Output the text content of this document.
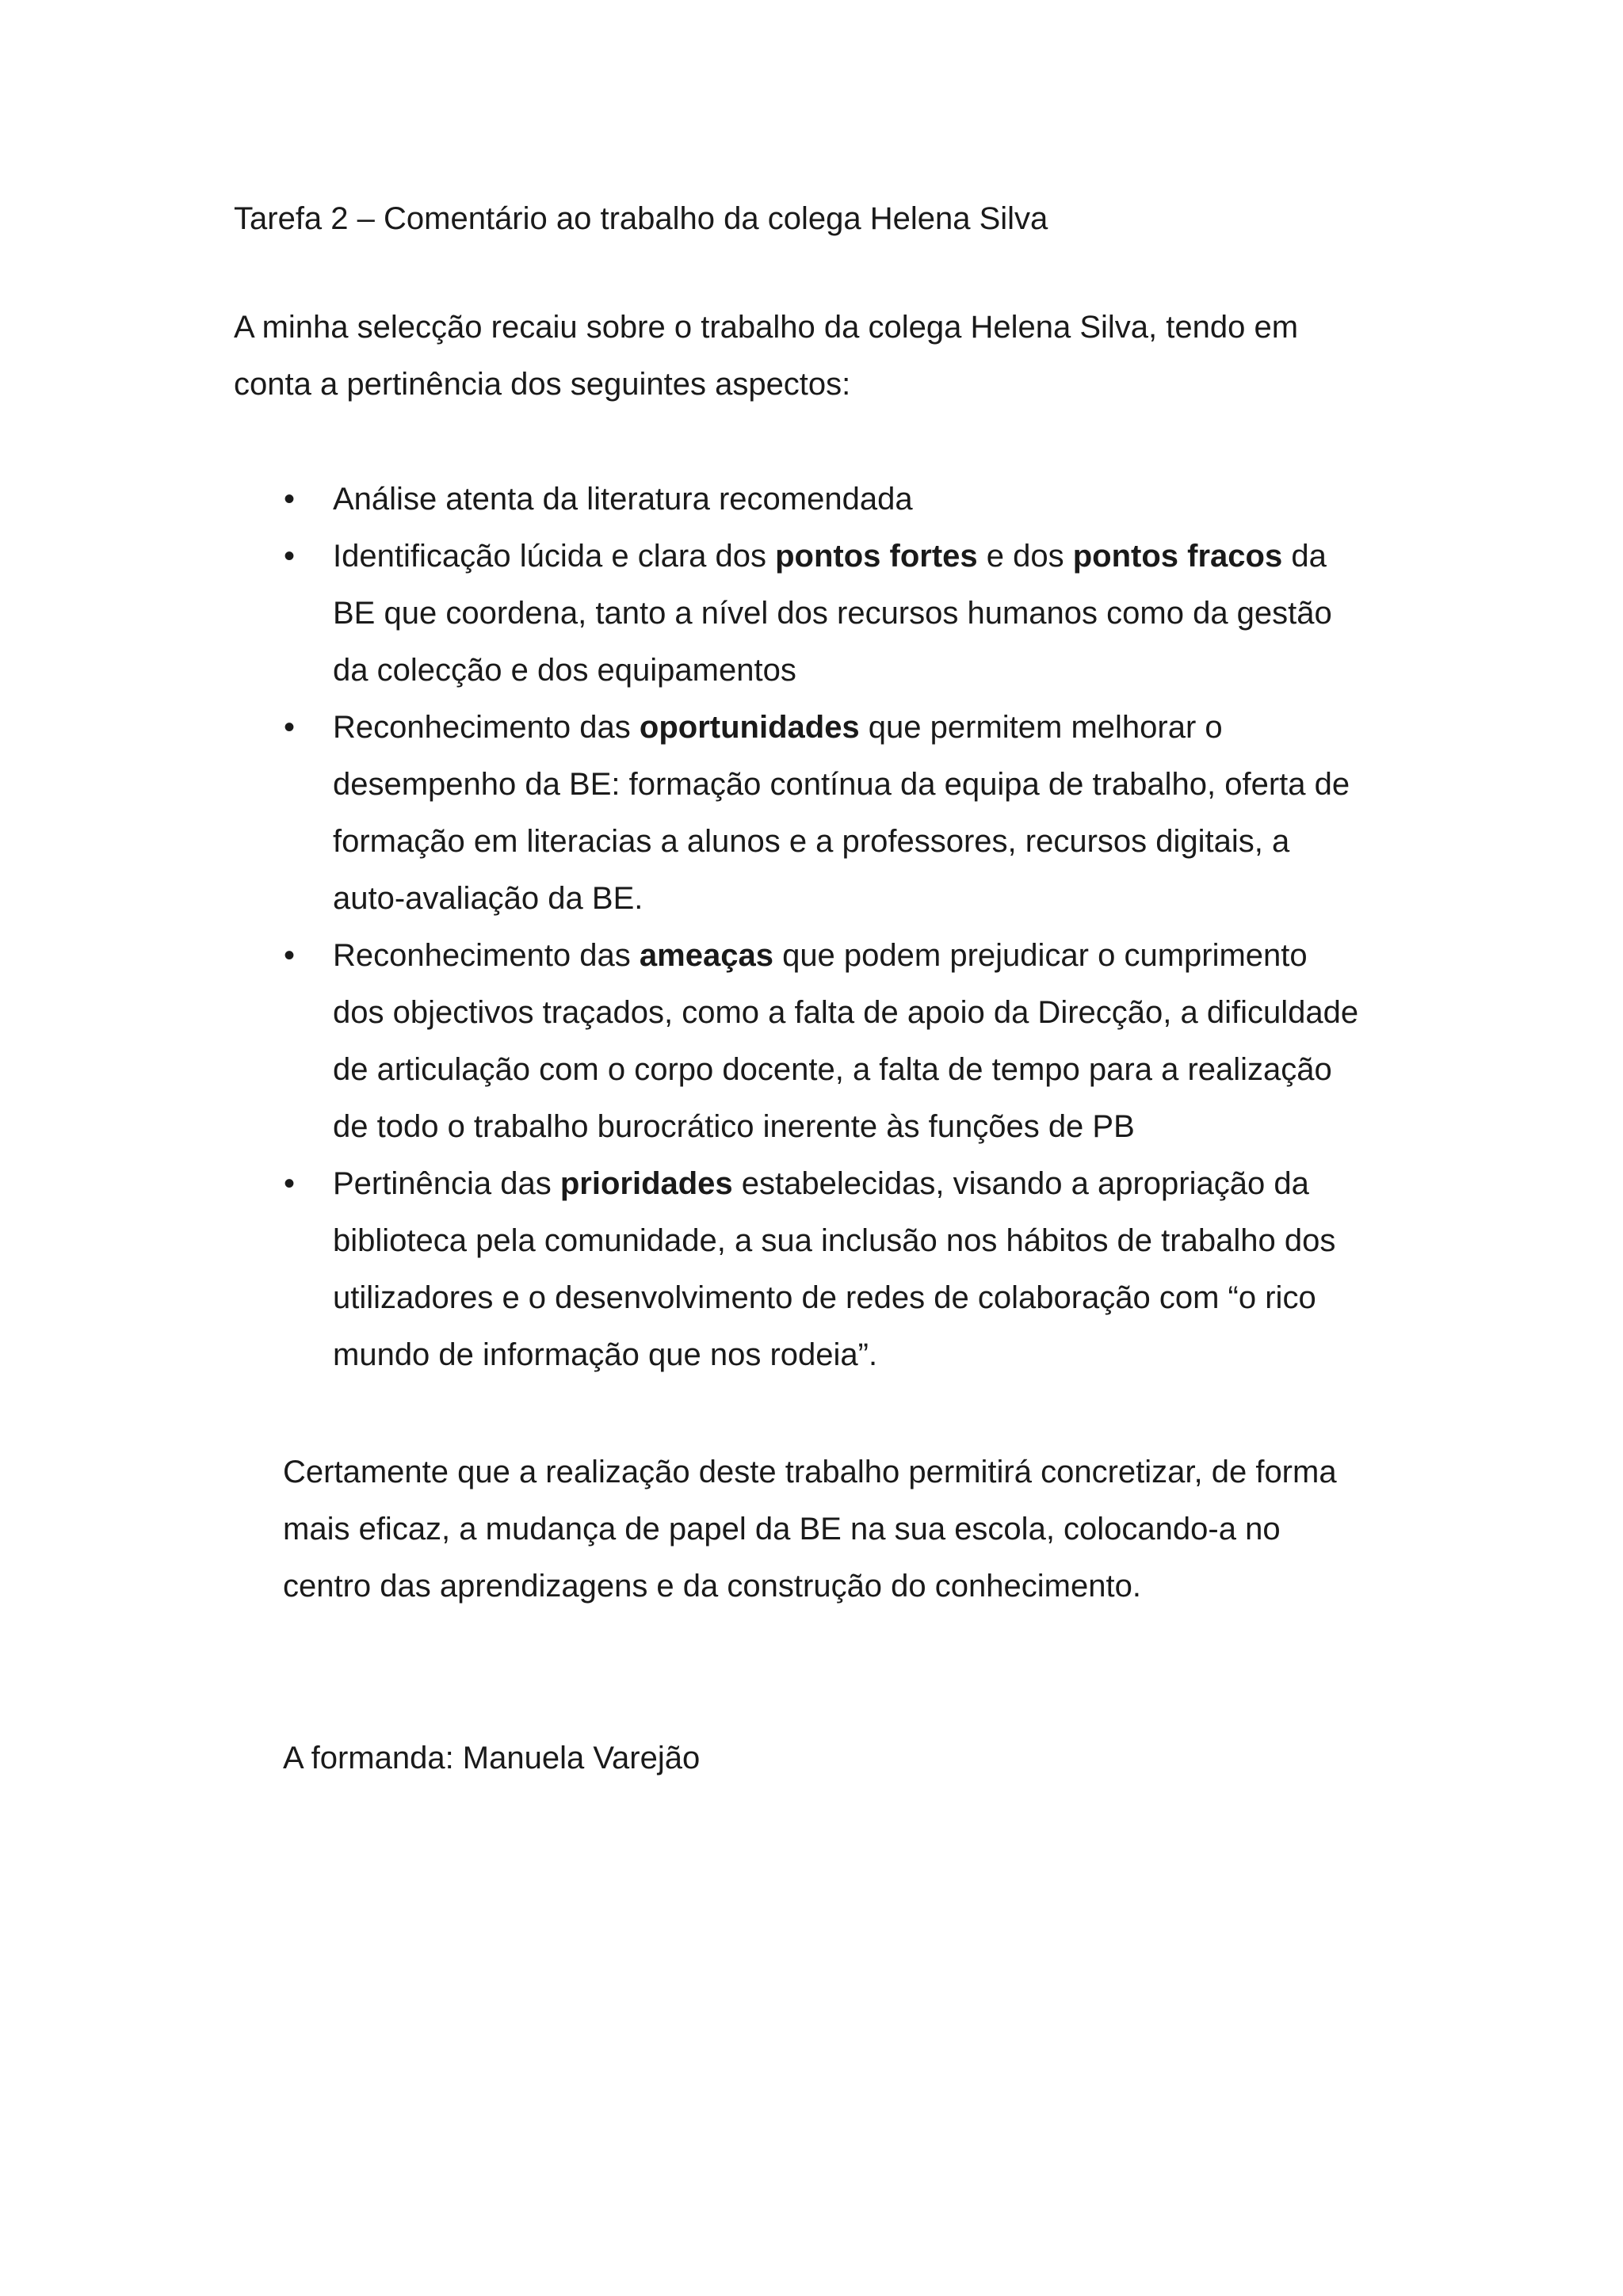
Tarefa 2 – Comentário ao trabalho da colega Helena Silva

A minha selecção recaiu sobre o trabalho da colega Helena Silva, tendo em

conta a pertinência dos seguintes aspectos:

• Análise atenta da literatura recomendada
• Identificação lúcida e clara dos pontos fortes e dos pontos fracos da
BE que coordena, tanto a nível dos recursos humanos como da gestão
da colecção e dos equipamentos
• Reconhecimento das oportunidades que permitem melhorar o
desempenho da BE: formação contínua da equipa de trabalho, oferta de
formação em literacias a alunos e a professores, recursos digitais, a
auto-avaliação da BE.
• Reconhecimento das ameaças que podem prejudicar o cumprimento
dos objectivos traçados, como a falta de apoio da Direcção, a dificuldade
de articulação com o corpo docente, a falta de tempo para a realização
de todo o trabalho burocrático inerente às funções de PB
• Pertinência das prioridades estabelecidas, visando a apropriação da
biblioteca pela comunidade, a sua inclusão nos hábitos de trabalho dos
utilizadores e o desenvolvimento de redes de colaboração com “o rico
mundo de informação que nos rodeia”.
Certamente que a realização deste trabalho permitirá concretizar, de forma
mais eficaz, a mudança de papel da BE na sua escola, colocando-a no
centro das aprendizagens e da construção do conhecimento.
A formanda: Manuela Varejão
